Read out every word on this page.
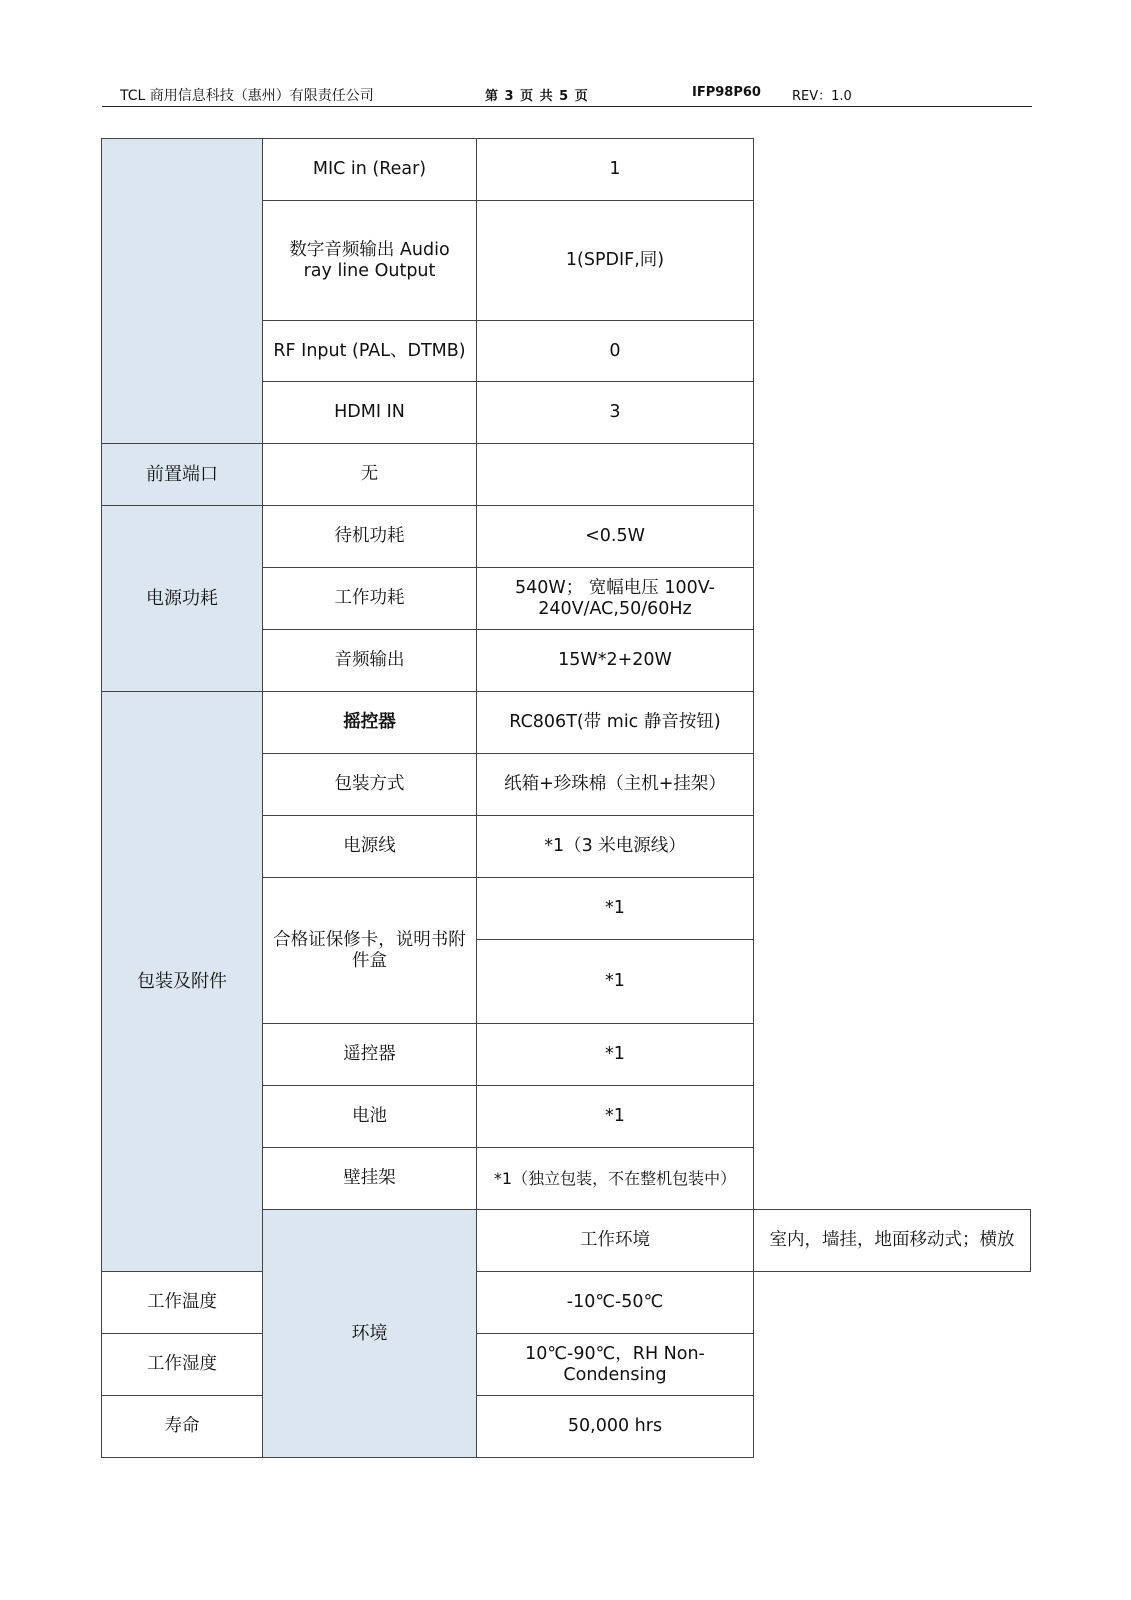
TCL 商用信息科技（惠州）有限责任公司	第 3 页 共 5 页	IFP98P60 REV：1.0
	MIC in (Rear)	1	

	数字音频输出 Audio
ray line Output	1(SPDIF,同)	
	RF Input (PAL、DTMB)	0	
	HDMI IN	3	
前置端口	无		
电源功耗	待机功耗	<0.5W	
	工作功耗	540W； 宽幅电压 100V-240V/AC,50/60Hz	
	音频输出	15W*2+20W	
包装及附件	摇控器	RC806T(带 mic 静音按钮)	
	包装方式	纸箱+珍珠棉（主机+挂架）	
	电源线	*1（3 米电源线）	

	合格证保修卡，说明书附
件盒	*1	
		*1	
	遥控器	*1	
	电池	*1	
	壁挂架	*1（独立包装，不在整机包装中）	
	环境	工作环境	室内，墙挂，地面移动式；横放
工作温度		-10℃-50℃	
工作湿度		10℃-90℃，RH Non-Condensing	
寿命		50,000 hrs	
